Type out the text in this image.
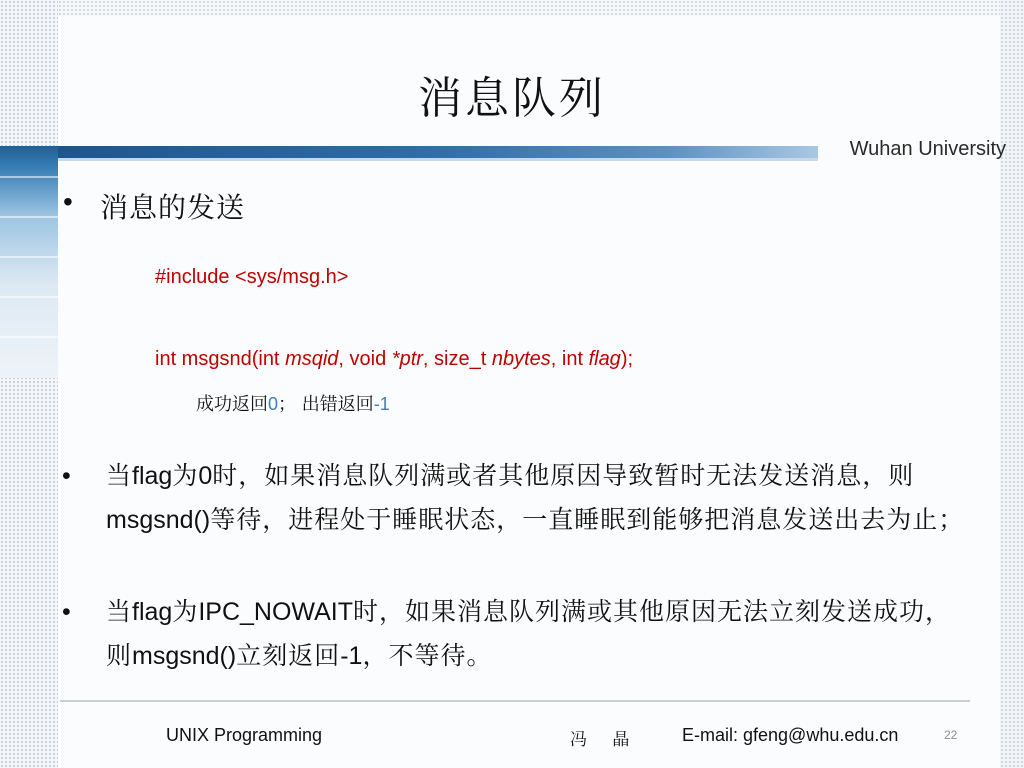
消息队列
Wuhan University
• 消息的发送
#include <sys/msg.h>
int msgsnd(int msqid, void *ptr, size_t nbytes, int flag);
成功返回0； 出错返回-1
• 当flag为0时，如果消息队列满或者其他原因导致暂时无法发送消息，则msgsnd()等待，进程处于睡眠状态，一直睡眠到能够把消息发送出去为止；
• 当flag为IPC_NOWAIT时，如果消息队列满或其他原因无法立刻发送成功，则msgsnd()立刻返回-1，不等待。
UNIX Programming	冯 晶 E-mail: gfeng@whu.edu.cn	22
